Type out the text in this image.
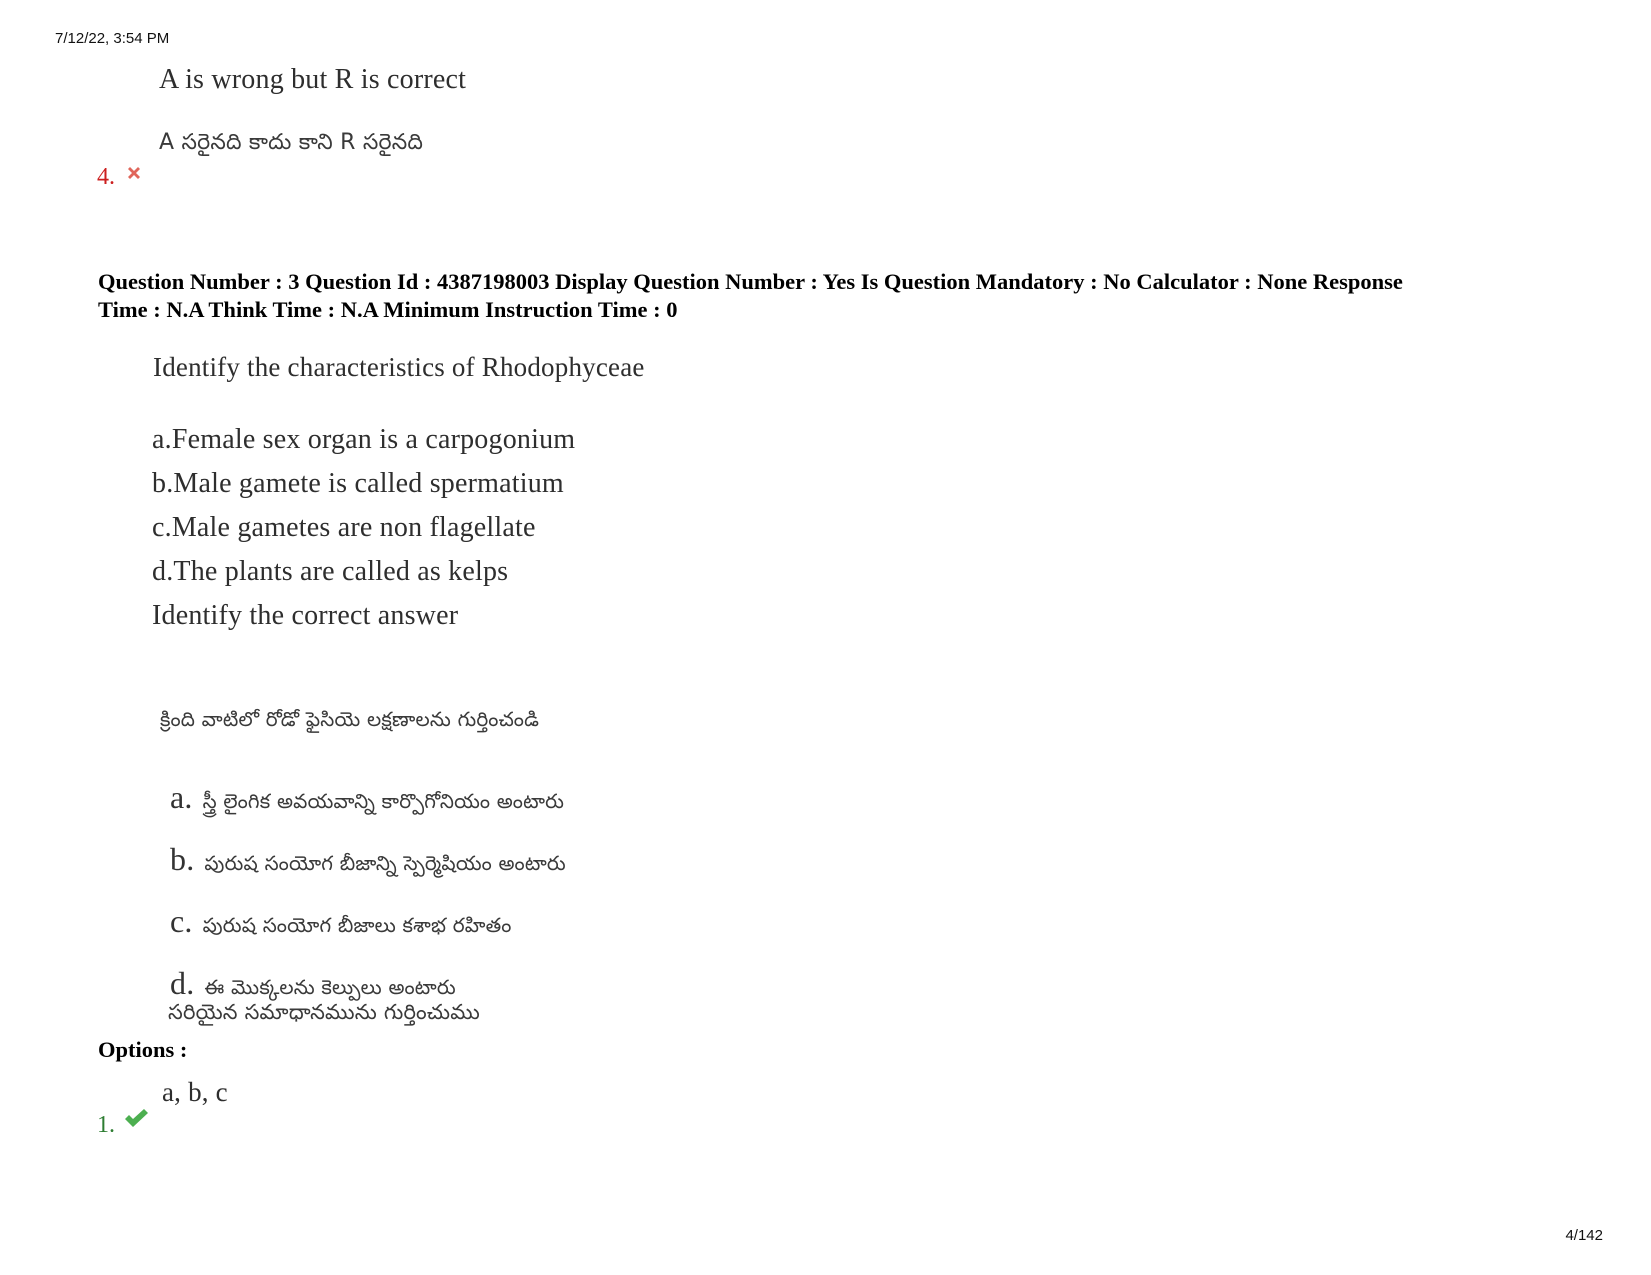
7/12/22, 3:54 PM
A is wrong but R is correct
A సరైనది కాదు కాని R సరైనది
4.
Question Number : 3 Question Id : 4387198003 Display Question Number : Yes Is Question Mandatory : No Calculator : None Response
Time : N.A Think Time : N.A Minimum Instruction Time : 0
Identify the characteristics of Rhodophyceae
a.Female sex organ is a carpogonium
b.Male gamete is called spermatium
c.Male gametes are non flagellate
d.The plants are called as kelps
Identify the correct answer
క్రింది వాటిలో రోడో ఫైసియె లక్షణాలను గుర్తించండి
a. స్త్రీ లైంగిక అవయవాన్ని కార్పొగోనియం అంటారు
b. పురుష సంయోగ బీజాన్ని స్పెర్మెషియం అంటారు
c. పురుష సంయోగ బీజాలు కశాభ రహితం
d. ఈ మొక్కలను కెల్పులు అంటారు
సరియైన సమాధానమును గుర్తించుము
Options :
a, b, c
1.
4/142
